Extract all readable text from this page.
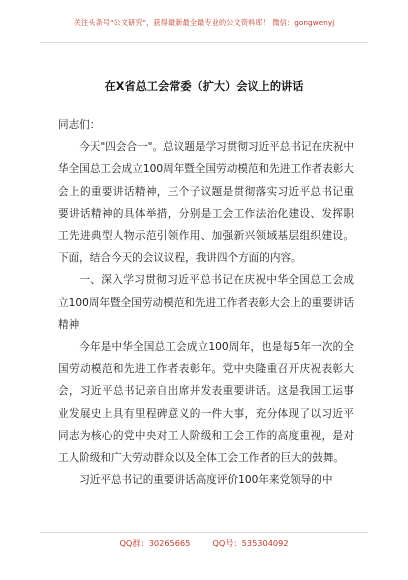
关注头条号"公文研究"，获得最新最全最专业的公文资料库！ 微信：gongwenyj
在X省总工会常委（扩大）会议上的讲话

同志们：

今天"四会合一"。总议题是学习贯彻习近平总书记在庆祝中华全国总工会成立100周年暨全国劳动模范和先进工作者表彰大会上的重要讲话精神，三个子议题是贯彻落实习近平总书记重要讲话精神的具体举措，分别是工会工作法治化建设、发挥职工先进典型人物示范引领作用、加强新兴领域基层组织建设。下面，结合今天的会议议程，我讲四个方面的内容。

一、深入学习贯彻习近平总书记在庆祝中华全国总工会成立100周年暨全国劳动模范和先进工作者表彰大会上的重要讲话精神

今年是中华全国总工会成立100周年，也是每5年一次的全国劳动模范和先进工作者表彰年。党中央隆重召开庆祝表彰大会，习近平总书记亲自出席并发表重要讲话。这是我国工运事业发展史上具有里程碑意义的一件大事，充分体现了以习近平同志为核心的党中央对工人阶级和工会工作的高度重视，是对工人阶级和广大劳动群众以及全体工会工作者的巨大的鼓舞。

习近平总书记的重要讲话高度评价100年来党领导的中

QQ群：30265665	QQ号：535304092
